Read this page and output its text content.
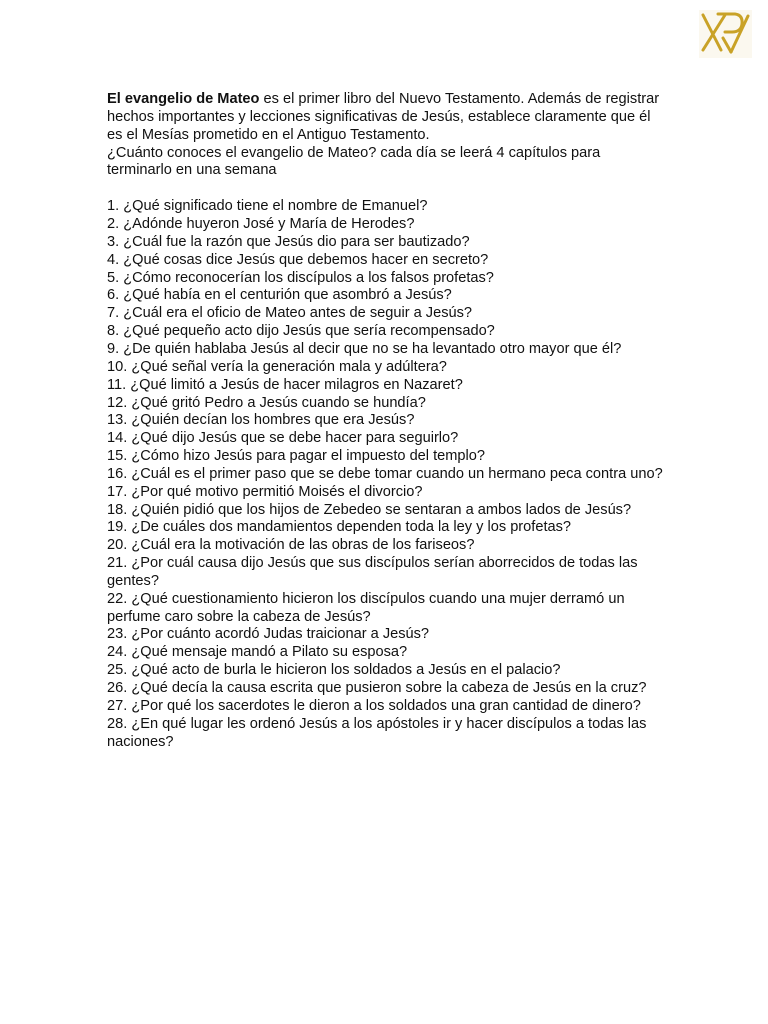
El evangelio de Mateo es el primer libro del Nuevo Testamento. Además de registrar hechos importantes y lecciones significativas de Jesús, establece claramente que él es el Mesías prometido en el Antiguo Testamento.

¿Cuánto conoces el evangelio de Mateo? cada día se leerá 4 capítulos para terminarlo en una semana

1. ¿Qué significado tiene el nombre de Emanuel?
2. ¿Adónde huyeron José y María de Herodes?
3. ¿Cuál fue la razón que Jesús dio para ser bautizado?
4. ¿Qué cosas dice Jesús que debemos hacer en secreto?
5. ¿Cómo reconocerían los discípulos a los falsos profetas?
6. ¿Qué había en el centurión que asombró a Jesús?
7. ¿Cuál era el oficio de Mateo antes de seguir a Jesús?
8. ¿Qué pequeño acto dijo Jesús que sería recompensado?
9. ¿De quién hablaba Jesús al decir que no se ha levantado otro mayor que él?
10. ¿Qué señal vería la generación mala y adúltera?
11. ¿Qué limitó a Jesús de hacer milagros en Nazaret?
12. ¿Qué gritó Pedro a Jesús cuando se hundía?
13. ¿Quién decían los hombres que era Jesús?
14. ¿Qué dijo Jesús que se debe hacer para seguirlo?
15. ¿Cómo hizo Jesús para pagar el impuesto del templo?
16. ¿Cuál es el primer paso que se debe tomar cuando un hermano peca contra uno?
17. ¿Por qué motivo permitió Moisés el divorcio?
18. ¿Quién pidió que los hijos de Zebedeo se sentaran a ambos lados de Jesús?
19. ¿De cuáles dos mandamientos dependen toda la ley y los profetas?
20. ¿Cuál era la motivación de las obras de los fariseos?
21. ¿Por cuál causa dijo Jesús que sus discípulos serían aborrecidos de todas las gentes?
22. ¿Qué cuestionamiento hicieron los discípulos cuando una mujer derramó un perfume caro sobre la cabeza de Jesús?
23. ¿Por cuánto acordó Judas traicionar a Jesús?
24. ¿Qué mensaje mandó a Pilato su esposa?
25. ¿Qué acto de burla le hicieron los soldados a Jesús en el palacio?
26. ¿Qué decía la causa escrita que pusieron sobre la cabeza de Jesús en la cruz?
27. ¿Por qué los sacerdotes le dieron a los soldados una gran cantidad de dinero?
28. ¿En qué lugar les ordenó Jesús a los apóstoles ir y hacer discípulos a todas las naciones?
